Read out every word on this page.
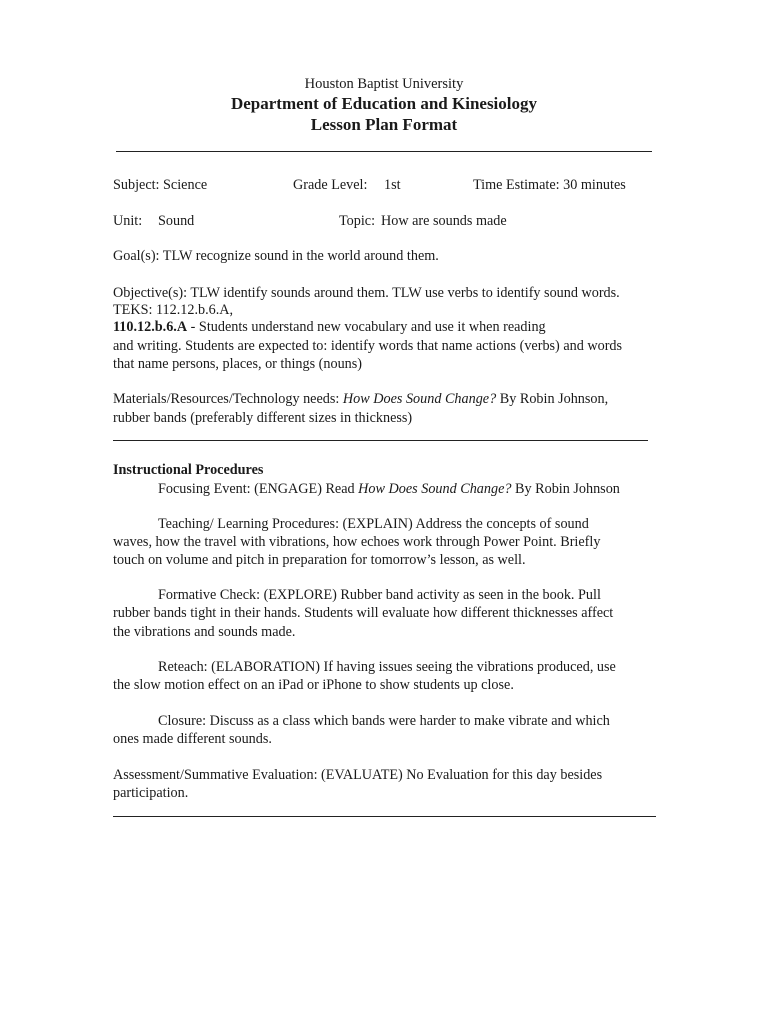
Houston Baptist University
Department of Education and Kinesiology
Lesson Plan Format
Subject: Science	Grade Level: 1st	Time Estimate: 30 minutes
Unit: Sound	Topic: How are sounds made
Goal(s): TLW recognize sound in the world around them.
Objective(s): TLW identify sounds around them. TLW use verbs to identify sound words.
TEKS: 112.12.b.6.A,
110.12.b.6.A - Students understand new vocabulary and use it when reading
and writing. Students are expected to: identify words that name actions (verbs) and words
that name persons, places, or things (nouns)
Materials/Resources/Technology needs: How Does Sound Change? By Robin Johnson,
rubber bands (preferably different sizes in thickness)
Instructional Procedures
Focusing Event: (ENGAGE) Read How Does Sound Change? By Robin Johnson
Teaching/ Learning Procedures: (EXPLAIN) Address the concepts of sound
waves, how the travel with vibrations, how echoes work through Power Point. Briefly
touch on volume and pitch in preparation for tomorrow’s lesson, as well.
Formative Check: (EXPLORE) Rubber band activity as seen in the book. Pull
rubber bands tight in their hands. Students will evaluate how different thicknesses affect
the vibrations and sounds made.
Reteach: (ELABORATION) If having issues seeing the vibrations produced, use
the slow motion effect on an iPad or iPhone to show students up close.
Closure: Discuss as a class which bands were harder to make vibrate and which
ones made different sounds.
Assessment/Summative Evaluation: (EVALUATE) No Evaluation for this day besides
participation.
